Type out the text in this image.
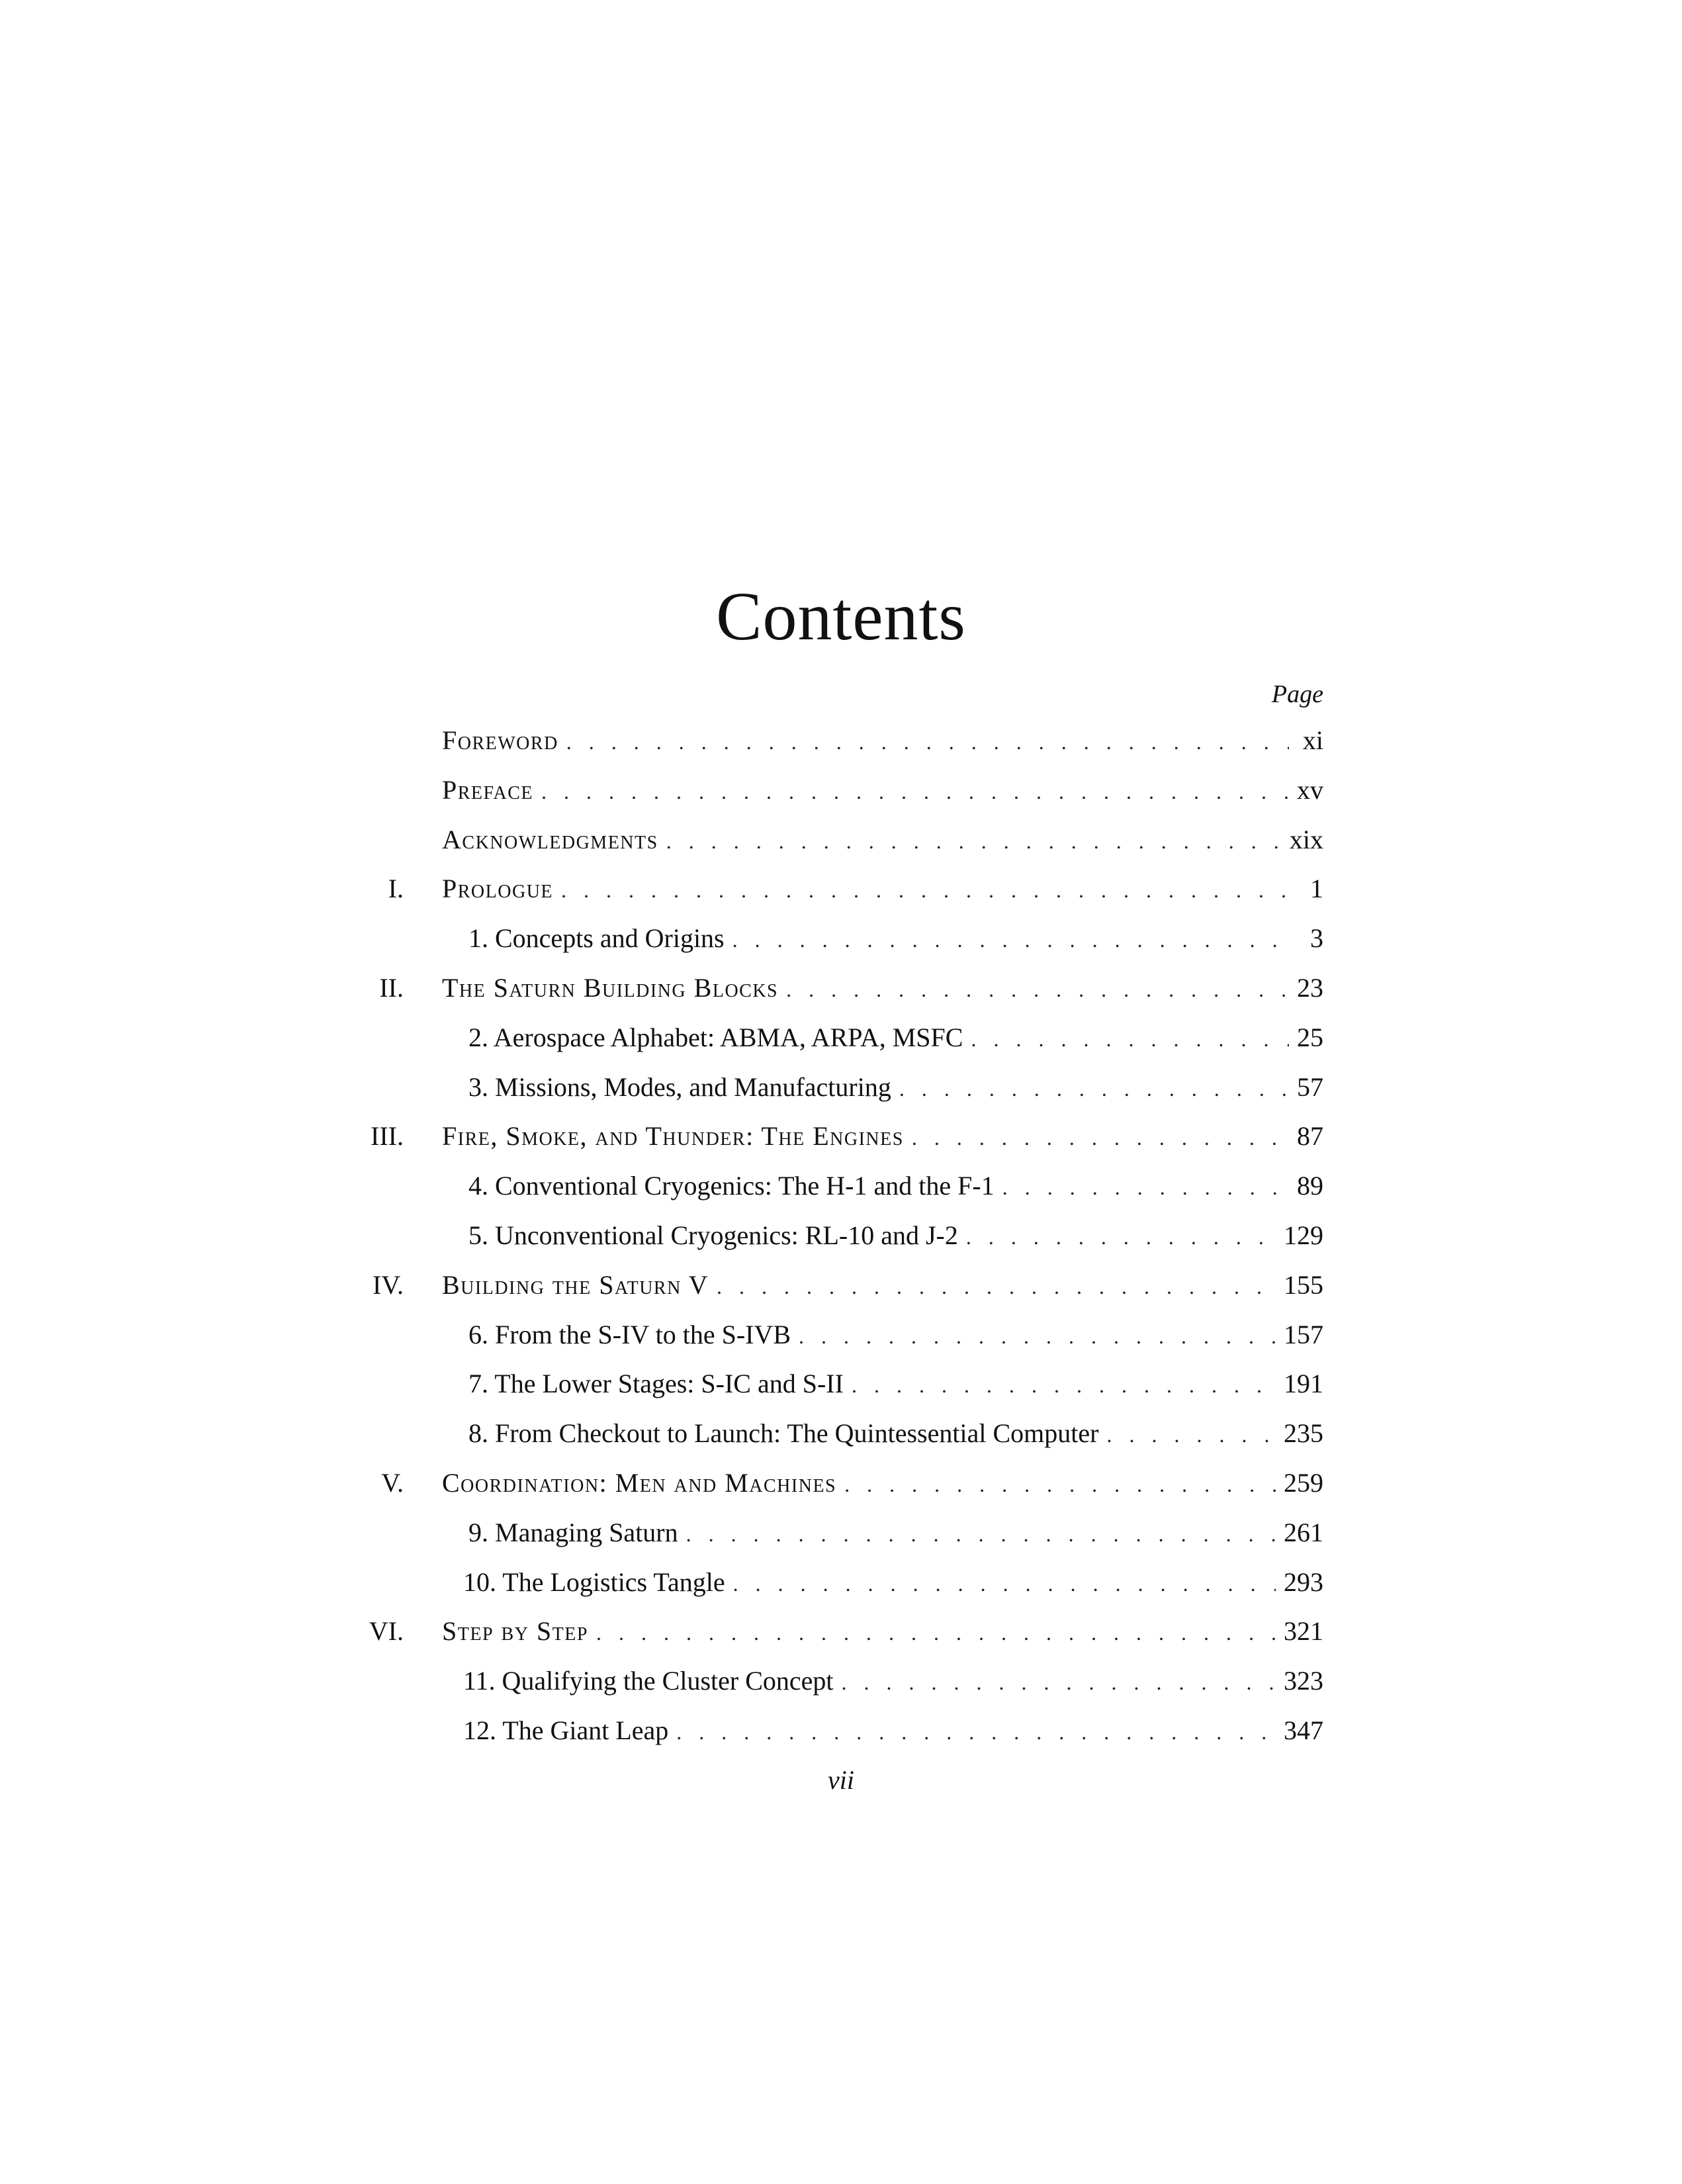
Contents
Page
Foreword . . .	xi
Preface . . .	xv
Acknowledgments . . .	xix
I. Prologue . . .	1
1. Concepts and Origins . . .	3
II. The Saturn Building Blocks . . .	23
2. Aerospace Alphabet: ABMA, ARPA, MSFC . . .	25
3. Missions, Modes, and Manufacturing . . .	57
III. Fire, Smoke, and Thunder: The Engines . . .	87
4. Conventional Cryogenics: The H-1 and the F-1 . . .	89
5. Unconventional Cryogenics: RL-10 and J-2 . . .	129
IV. Building the Saturn V . . .	155
6. From the S-IV to the S-IVB . . .	157
7. The Lower Stages: S-IC and S-II . . .	191
8. From Checkout to Launch: The Quintessential Computer . . .	235
V. Coordination: Men and Machines . . .	259
9. Managing Saturn . . .	261
10. The Logistics Tangle . . .	293
VI. Step by Step . . .	321
11. Qualifying the Cluster Concept . . .	323
12. The Giant Leap . . .	347
vii
